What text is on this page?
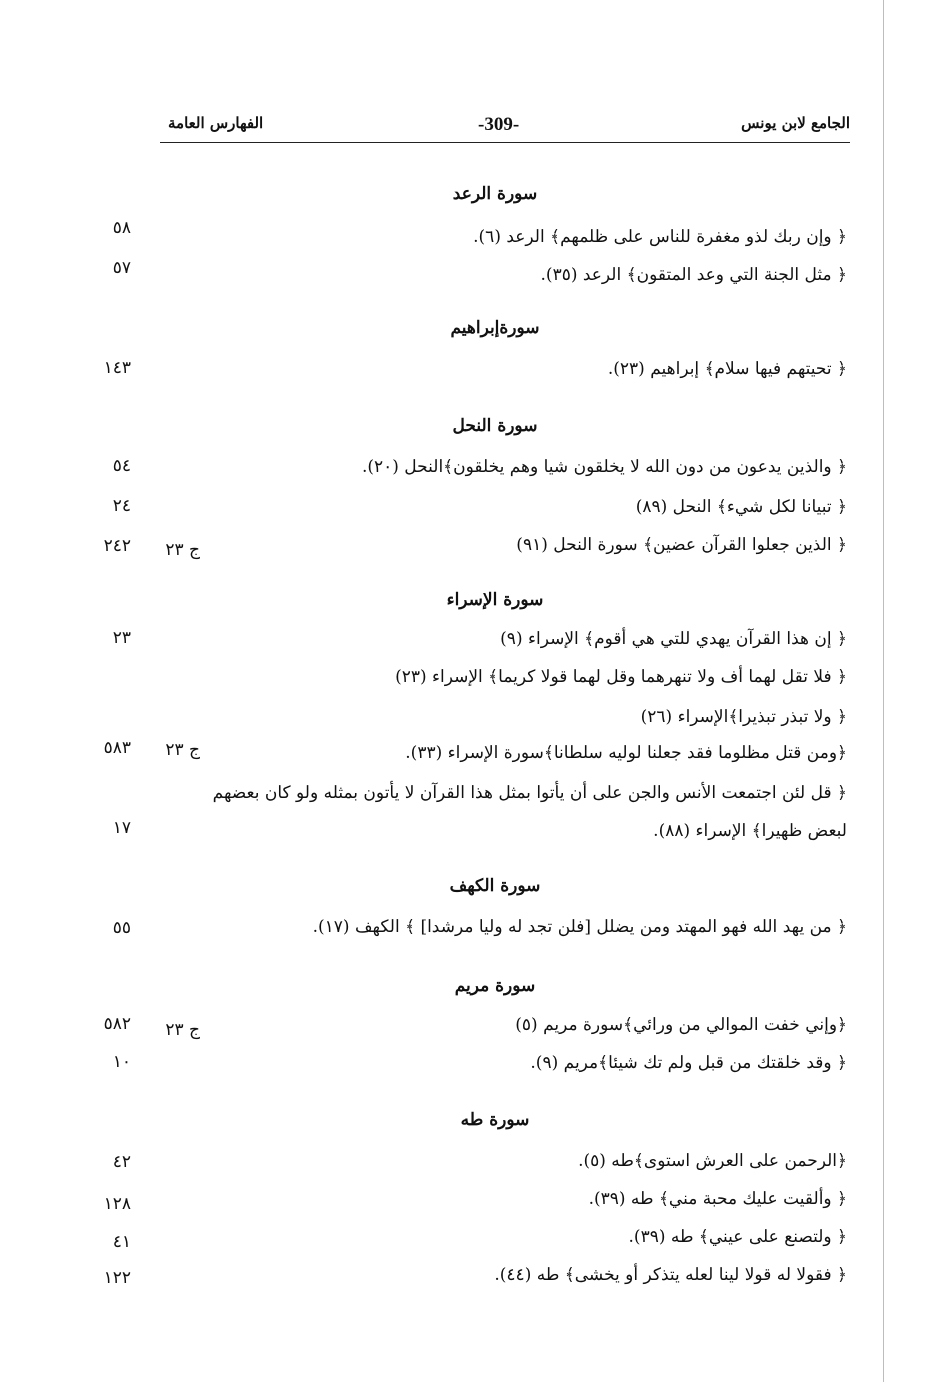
الفهارس العامة	-309-	الجامع لابن يونس
سورة الرعد
﴿ وإن ربك لذو مغفرة للناس على ظلمهم﴾ الرعد (٦).
٥٨
﴿ مثل الجنة التي وعد المتقون﴾ الرعد (٣٥).
٥٧
سورةإبراهيم
﴿ تحيتهم فيها سلام﴾ إبراهيم (٢٣).
١٤٣
سورة النحل
﴿ والذين يدعون من دون الله لا يخلقون شيا وهم يخلقون﴾النحل (٢٠).
٥٤
﴿ تبيانا لكل شيء﴾ النحل (٨٩)
٢٤
﴿ الذين جعلوا القرآن عضين﴾ سورة النحل (٩١)
ج ٢٣
٢٤٢
سورة الإسراء
﴿ إن هذا القرآن يهدي للتي هي أقوم﴾ الإسراء (٩)
٢٣
﴿ فلا تقل لهما أف ولا تنهرهما وقل لهما قولا كريما﴾ الإسراء (٢٣)
﴿ ولا تبذر تبذيرا﴾الإسراء (٢٦)
﴿ومن قتل مظلوما فقد جعلنا لوليه سلطانا﴾سورة الإسراء (٣٣).
ج ٢٣
٥٨٣
﴿ قل لئن اجتمعت الأنس والجن على أن يأتوا بمثل هذا القرآن لا يأتون بمثله ولو كان بعضهم
لبعض ظهيرا﴾ الإسراء (٨٨).
١٧
سورة الكهف
﴿ من يهد الله فهو المهتد ومن يضلل [فلن تجد له وليا مرشدا] ﴾ الكهف (١٧).
٥٥
سورة مريم
﴿وإني خفت الموالي من ورائي﴾سورة مريم (٥)
ج ٢٣
٥٨٢
﴿ وقد خلقتك من قبل ولم تك شيئا﴾مريم (٩).
١٠
سورة طه
﴿الرحمن على العرش استوى﴾طه (٥).
٤٢
﴿ وألقيت عليك محبة مني﴾ طه (٣٩).
١٢٨
﴿ ولتصنع على عيني﴾ طه (٣٩).
٤١
﴿ فقولا له قولا لينا لعله يتذكر أو يخشى﴾ طه (٤٤).
١٢٢
